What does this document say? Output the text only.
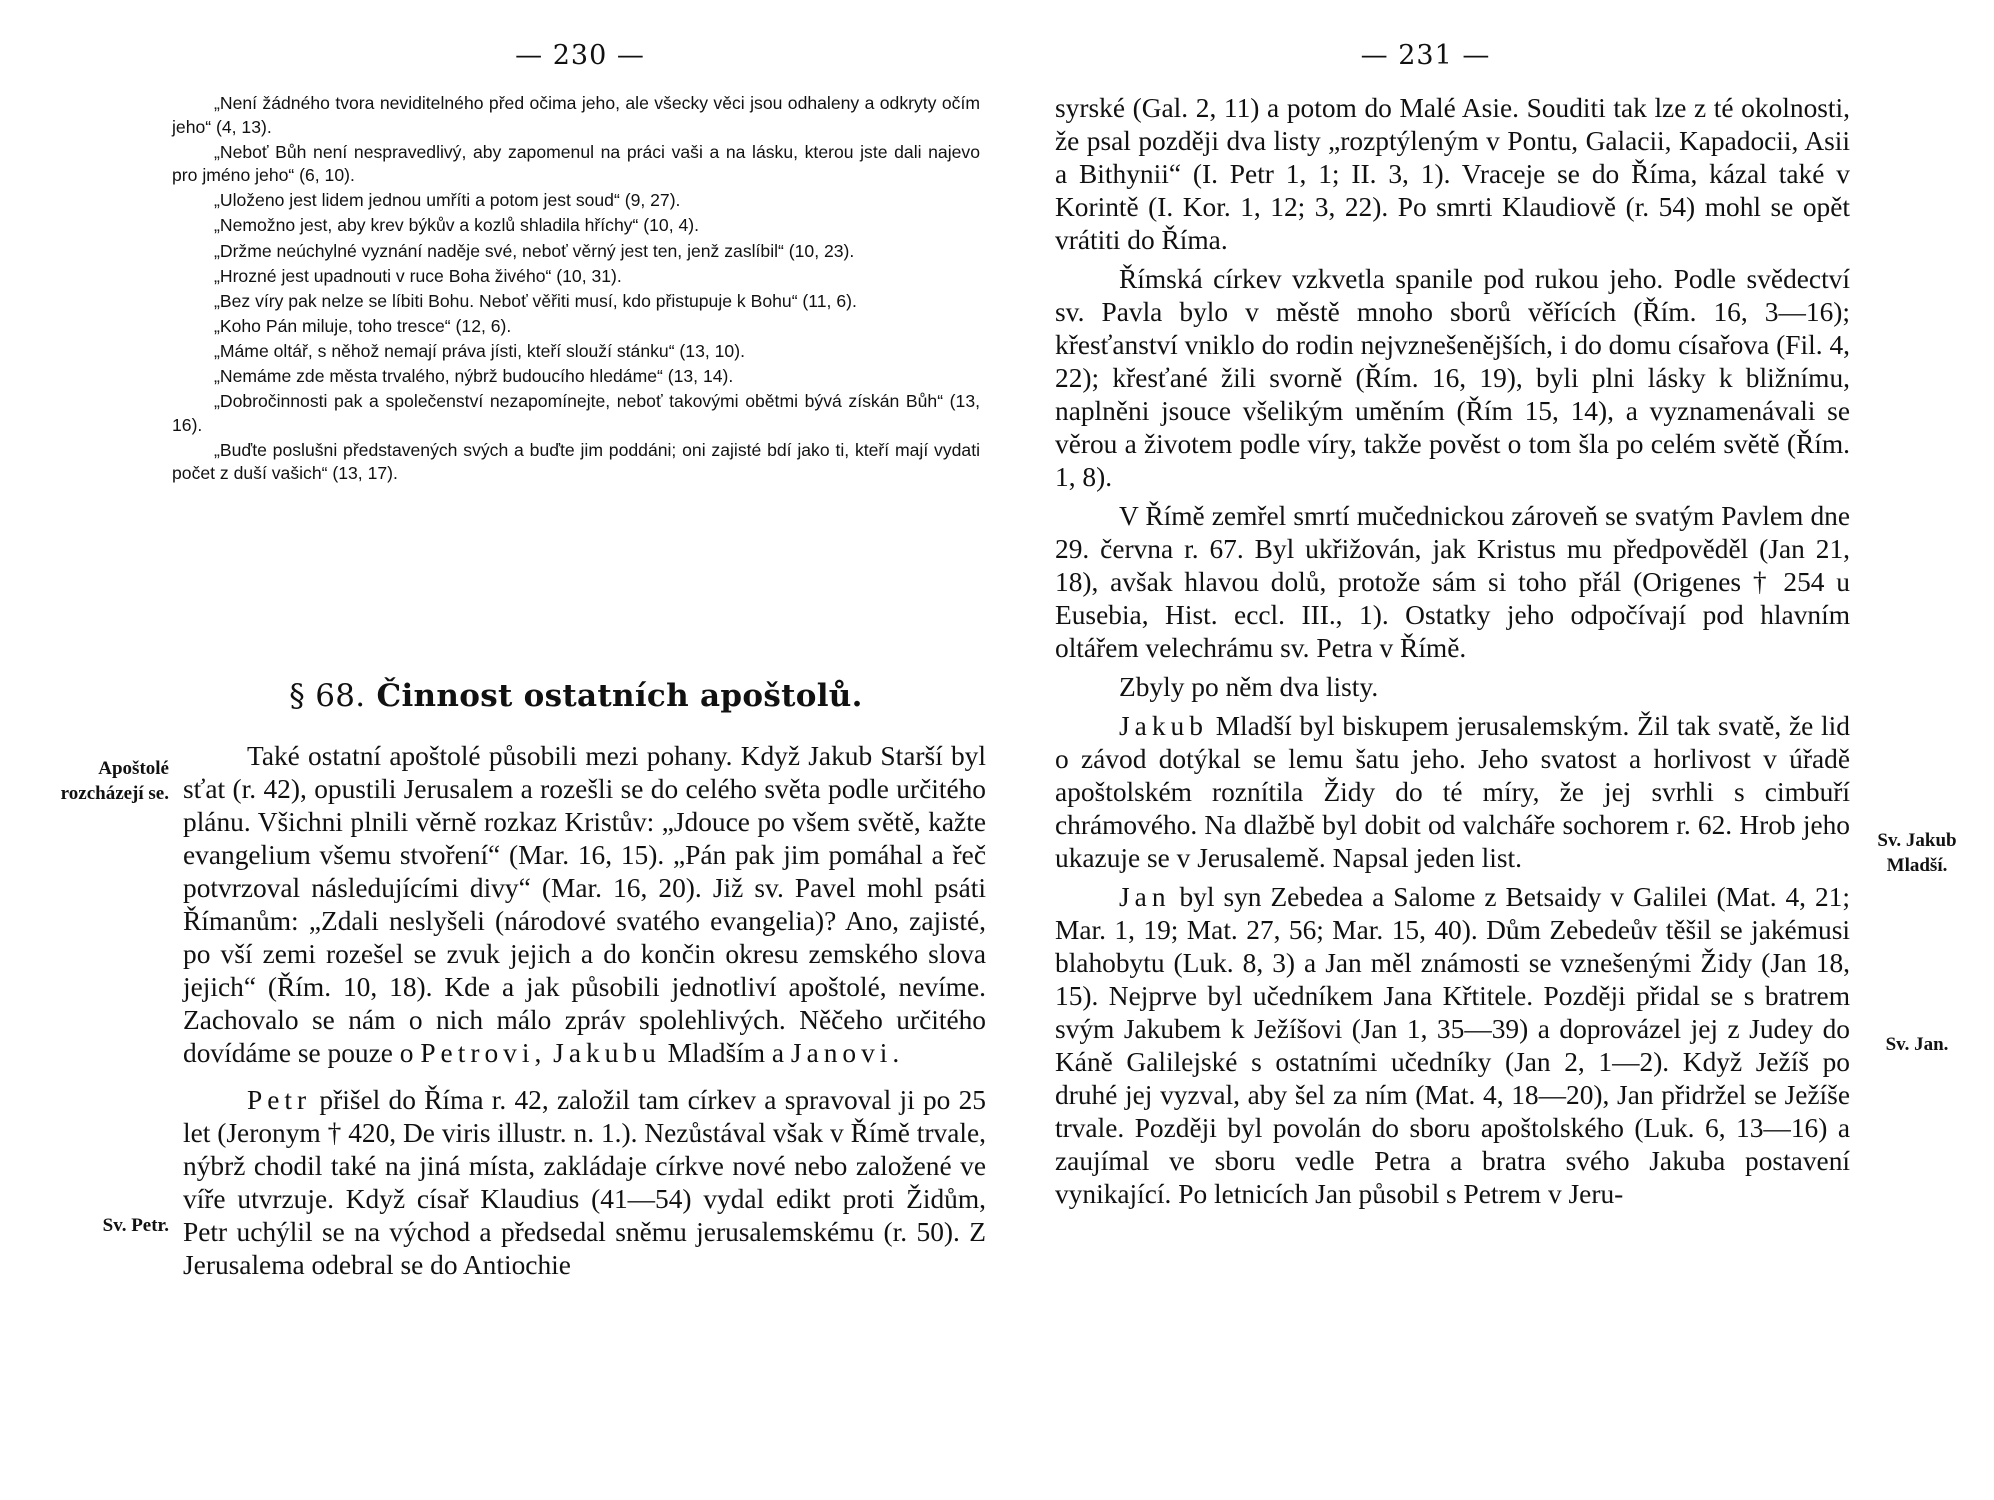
— 230 —

„Není žádného tvora neviditelného před očima jeho, ale všecky věci jsou odhaleny a odkryty očím jeho“ (4, 13).

„Neboť Bůh není nespravedlivý, aby zapomenul na práci vaši a na lásku, kterou jste dali najevo pro jméno jeho“ (6, 10).

„Uloženo jest lidem jednou umříti a potom jest soud“ (9, 27).

„Nemožno jest, aby krev býkův a kozlů shladila hříchy“ (10, 4).

„Držme neúchylné vyznání naděje své, neboť věrný jest ten, jenž zaslíbil“ (10, 23).

„Hrozné jest upadnouti v ruce Boha živého“ (10, 31).

„Bez víry pak nelze se líbiti Bohu. Neboť věřiti musí, kdo přistupuje k Bohu“ (11, 6).

„Koho Pán miluje, toho tresce“ (12, 6).

„Máme oltář, s něhož nemají práva jísti, kteří slouží stánku“ (13, 10).

„Nemáme zde města trvalého, nýbrž budoucího hledáme“ (13, 14).

„Dobročinnosti pak a společenství nezapomínejte, neboť takovými obětmi bývá získán Bůh“ (13, 16).

„Buďte poslušni představených svých a buďte jim poddáni; oni zajisté bdí jako ti, kteří mají vydati počet z duší vašich“ (13, 17).

§ 68. Činnost ostatních apoštolů.
Apoštolé
rozcházejí se.
Sv. Petr.

Také ostatní apoštolé působili mezi pohany. Když Jakub Starší byl sťat (r. 42), opustili Jerusalem a rozešli se do celého světa podle určitého plánu. Všichni plnili věrně rozkaz Kristův: „Jdouce po všem světě, kažte evangelium všemu stvoření“ (Mar. 16, 15). „Pán pak jim pomáhal a řeč potvrzoval následujícími divy“ (Mar. 16, 20). Již sv. Pavel mohl psáti Římanům: „Zdali neslyšeli (národové svatého evangelia)? Ano, zajisté, po vší zemi rozešel se zvuk jejich a do končin okresu zemského slova jejich“ (Řím. 10, 18). Kde a jak působili jednotliví apoštolé, nevíme. Zachovalo se nám o nich málo zpráv spolehlivých. Něčeho určitého dovídáme se pouze o Petrovi, Jakubu Mladším a Janovi.

Petr přišel do Říma r. 42, založil tam církev a spravoval ji po 25 let (Jeronym † 420, De viris illustr. n. 1.). Nezůstával však v Římě trvale, nýbrž chodil také na jiná místa, zakládaje církve nové nebo založené ve víře utvrzuje. Když císař Klaudius (41—54) vydal edikt proti Židům, Petr uchýlil se na východ a předsedal sněmu jerusalemskému (r. 50). Z Jerusalema odebral se do Antiochie

— 231 —

syrské (Gal. 2, 11) a potom do Malé Asie. Souditi tak lze z té okolnosti, že psal později dva listy „rozptýleným v Pontu, Galacii, Kapadocii, Asii a Bithynii“ (I. Petr 1, 1; II. 3, 1). Vraceje se do Říma, kázal také v Korintě (I. Kor. 1, 12; 3, 22). Po smrti Klaudiově (r. 54) mohl se opět vrátiti do Říma.

Římská církev vzkvetla spanile pod rukou jeho. Podle svědectví sv. Pavla bylo v městě mnoho sborů věřících (Řím. 16, 3—16); křesťanství vniklo do rodin nejvznešenějších, i do domu císařova (Fil. 4, 22); křesťané žili svorně (Řím. 16, 19), byli plni lásky k bližnímu, naplněni jsouce všelikým uměním (Řím 15, 14), a vyznamenávali se věrou a životem podle víry, takže pověst o tom šla po celém světě (Řím. 1, 8).

V Římě zemřel smrtí mučednickou zároveň se svatým Pavlem dne 29. června r. 67. Byl ukřižován, jak Kristus mu předpověděl (Jan 21, 18), avšak hlavou dolů, protože sám si toho přál (Origenes † 254 u Eusebia, Hist. eccl. III., 1). Ostatky jeho odpočívají pod hlavním oltářem velechrámu sv. Petra v Římě.

Zbyly po něm dva listy.

Jakub Mladší byl biskupem jerusalemským. Žil tak svatě, že lid o závod dotýkal se lemu šatu jeho. Jeho svatost a horlivost v úřadě apoštolském roznítila Židy do té míry, že jej svrhli s cimbuří chrámového. Na dlažbě byl dobit od valcháře sochorem r. 62. Hrob jeho ukazuje se v Jerusalemě. Napsal jeden list.

Jan byl syn Zebedea a Salome z Betsaidy v Galilei (Mat. 4, 21; Mar. 1, 19; Mat. 27, 56; Mar. 15, 40). Dům Zebedeův těšil se jakémusi blahobytu (Luk. 8, 3) a Jan měl známosti se vznešenými Židy (Jan 18, 15). Nejprve byl učedníkem Jana Křtitele. Později přidal se s bratrem svým Jakubem k Ježíšovi (Jan 1, 35—39) a doprovázel jej z Judey do Káně Galilejské s ostatními učedníky (Jan 2, 1—2). Když Ježíš po druhé jej vyzval, aby šel za ním (Mat. 4, 18—20), Jan přidržel se Ježíše trvale. Později byl povolán do sboru apoštolského (Luk. 6, 13—16) a zaujímal ve sboru vedle Petra a bratra svého Jakuba postavení vynikající. Po letnicích Jan působil s Petrem v Jeru-

Sv. Jakub
Mladší.
Sv. Jan.
